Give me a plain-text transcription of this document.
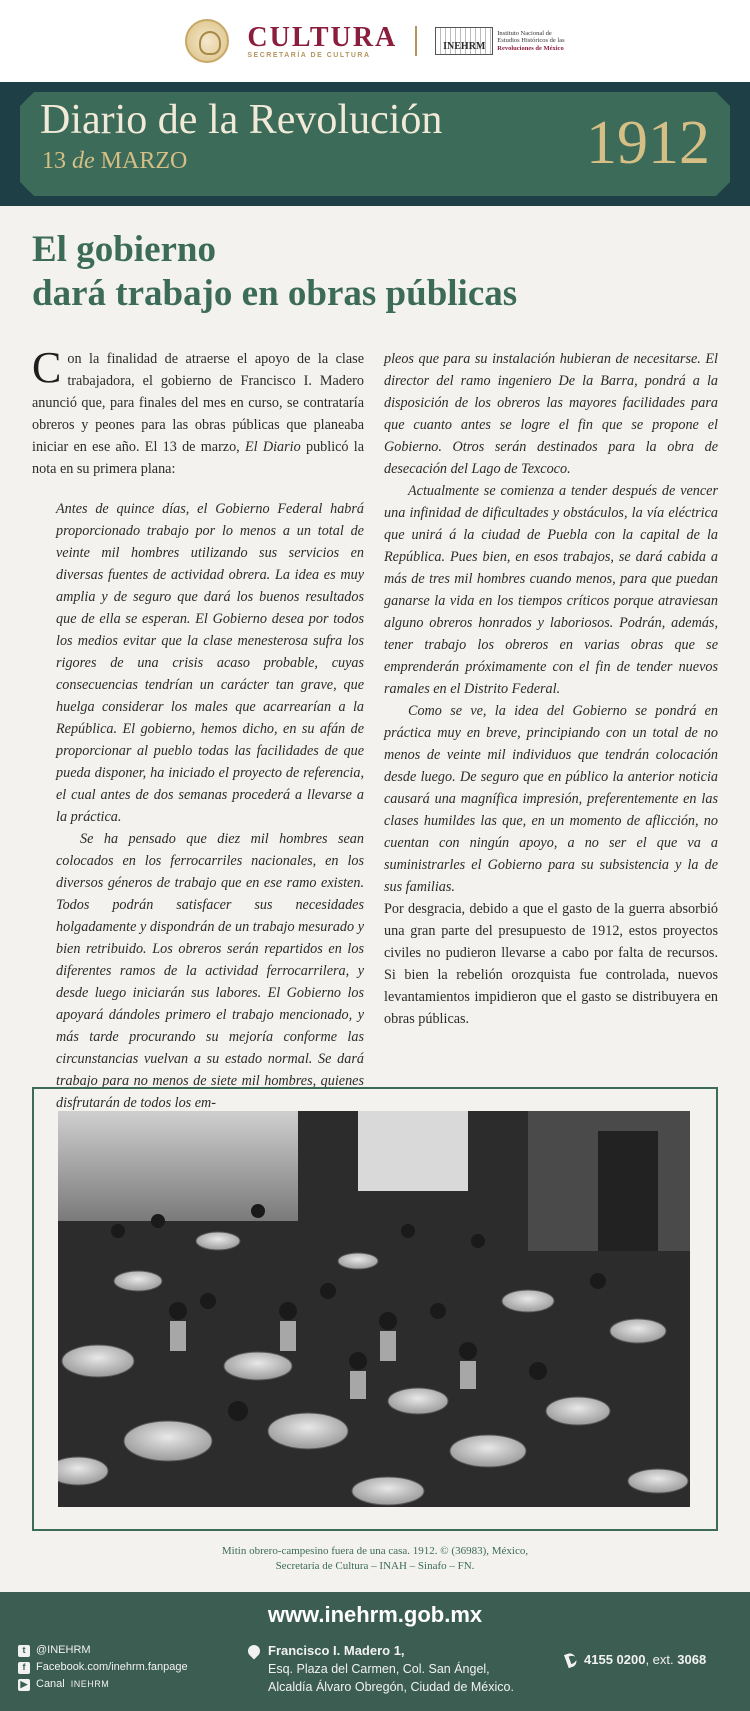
CULTURA
SECRETARÍA DE CULTURA
INEHRM
Instituto Nacional de
Estudios Históricos de las
Revoluciones de México
Diario de la Revolución
13 de MARZO	1912
El gobierno
dará trabajo en obras públicas

Con la finalidad de atraerse el apoyo de la clase trabajadora, el gobierno de Francisco I. Madero anunció que, para finales del mes en curso, se contrataría obreros y peones para las obras públicas que planeaba iniciar en ese año. El 13 de marzo, El Diario publicó la nota en su primera plana:

Antes de quince días, el Gobierno Federal habrá proporcionado trabajo por lo menos a un total de veinte mil hombres utilizando sus servicios en diversas fuentes de actividad obrera. La idea es muy amplia y de seguro que dará los buenos resultados que de ella se esperan. El Gobierno desea por todos los medios evitar que la clase menesterosa sufra los rigores de una crisis acaso probable, cuyas consecuencias tendrían un carácter tan grave, que huelga considerar los males que acarrearían a la República. El gobierno, hemos dicho, en su afán de proporcionar al pueblo todas las facilidades de que pueda disponer, ha iniciado el proyecto de referencia, el cual antes de dos semanas procederá a llevarse a la práctica.

Se ha pensado que diez mil hombres sean colocados en los ferrocarriles nacionales, en los diversos géneros de trabajo que en ese ramo existen. Todos podrán satisfacer sus necesidades holgadamente y dispondrán de un trabajo mesurado y bien retribuido. Los obreros serán repartidos en los diferentes ramos de la actividad ferrocarrilera, y desde luego iniciarán sus labores. El Gobierno los apoyará dándoles primero el trabajo mencionado, y más tarde procurando su mejoría conforme las circunstancias vuelvan a su estado normal. Se dará trabajo para no menos de siete mil hombres, quienes disfrutarán de todos los em-

pleos que para su instalación hubieran de necesitarse. El director del ramo ingeniero De la Barra, pondrá a la disposición de los obreros las mayores facilidades para que cuanto antes se logre el fin que se propone el Gobierno. Otros serán destinados para la obra de desecación del Lago de Texcoco.

Actualmente se comienza a tender después de vencer una infinidad de dificultades y obstáculos, la vía eléctrica que unirá á la ciudad de Puebla con la capital de la República. Pues bien, en esos trabajos, se dará cabida a más de tres mil hombres cuando menos, para que puedan ganarse la vida en los tiempos críticos porque atraviesan alguno obreros honrados y laboriosos. Podrán, además, tener trabajo los obreros en varias obras que se emprenderán próximamente con el fin de tender nuevos ramales en el Distrito Federal.

Como se ve, la idea del Gobierno se pondrá en práctica muy en breve, principiando con un total de no menos de veinte mil individuos que tendrán colocación desde luego. De seguro que en público la anterior noticia causará una magnífica impresión, preferentemente en las clases humildes las que, en un momento de aflicción, no cuentan con ningún apoyo, a no ser el que va a suministrarles el Gobierno para su subsistencia y la de sus familias.

Por desgracia, debido a que el gasto de la guerra absorbió una gran parte del presupuesto de 1912, estos proyectos civiles no pudieron llevarse a cabo por falta de recursos. Si bien la rebelión orozquista fue controlada, nuevos levantamientos impidieron que el gasto se distribuyera en obras públicas.

Mitin obrero-campesino fuera de una casa. 1912. © (36983), México,
Secretaría de Cultura – INAH – Sinafo – FN.
www.inehrm.gob.mx
t @INEHRM
f Facebook.com/inehrm.fanpage
▶ Canal INEHRM
Francisco I. Madero 1,
Esq. Plaza del Carmen, Col. San Ángel,
Alcaldía Álvaro Obregón, Ciudad de México.
4155 0200, ext. 3068
